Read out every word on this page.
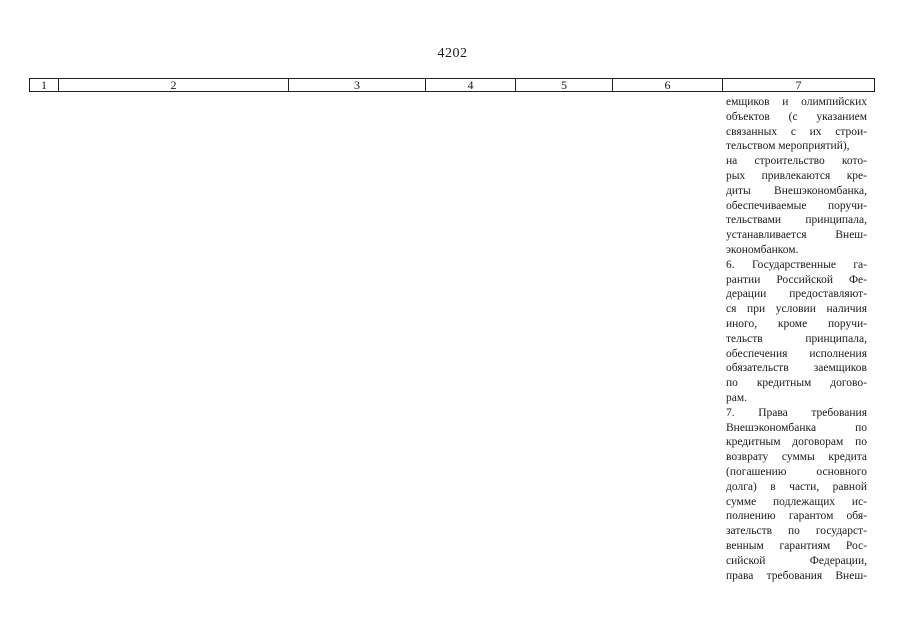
4202
1	2	3	4	5	6	7
емщиков и олимпийских
объектов (с указанием
связанных с их строи-
тельством мероприятий),
на строительство кото-
рых привлекаются кре-
диты Внешэкономбанка,
обеспечиваемые поручи-
тельствами принципала,
устанавливается Внеш-
экономбанком.
6. Государственные га-
рантии Российской Фе-
дерации предоставляют-
ся при условии наличия
иного, кроме поручи-
тельств принципала,
обеспечения исполнения
обязательств заемщиков
по кредитным догово-
рам.
7. Права требования
Внешэкономбанка по
кредитным договорам по
возврату суммы кредита
(погашению основного
долга) в части, равной
сумме подлежащих ис-
полнению гарантом обя-
зательств по государст-
венным гарантиям Рос-
сийской Федерации,
права требования Внеш-
